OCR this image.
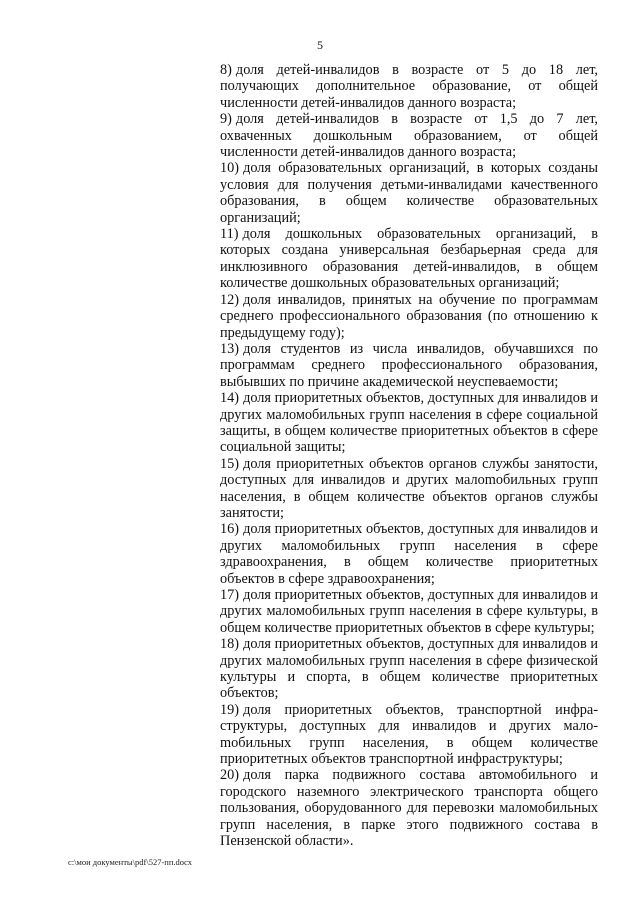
5

8) доля детей-инвалидов в возрасте от 5 до 18 лет, получающих дополнительное образование, от общей численности детей-инвалидов данного возраста;

9) доля детей-инвалидов в возрасте от 1,5 до 7 лет, охваченных дошкольным образованием, от общей численности детей-инвалидов данного возраста;

10) доля образовательных организаций, в которых созданы условия для получения детьми-инвалидами качественного образования, в общем количестве образовательных организаций;

11) доля дошкольных образовательных организаций, в которых создана универсальная безбарьерная среда для инклюзивного образования детей-инвалидов, в общем количестве дошкольных образовательных организаций;

12) доля инвалидов, принятых на обучение по программам среднего профессионального образования (по отношению к предыдущему году);

13) доля студентов из числа инвалидов, обучавшихся по программам среднего профессионального образования, выбывших по причине академической неуспеваемости;

14) доля приоритетных объектов, доступных для инвалидов и других маломобильных групп населения в сфере социальной защиты, в общем количестве приоритетных объектов в сфере социальной защиты;

15) доля приоритетных объектов органов службы занятости, доступных для инвалидов и других малоmобильных групп населения, в общем количестве объектов органов службы занятости;

16) доля приоритетных объектов, доступных для инвалидов и других маломобильных групп населения в сфере здравоохранения, в общем количестве приоритетных объектов в сфере здравоохранения;

17) доля приоритетных объектов, доступных для инвалидов и других маломобильных групп населения в сфере культуры, в общем количестве приоритетных объектов в сфере культуры;

18) доля приоритетных объектов, доступных для инвалидов и других маломобильных групп населения в сфере физической культуры и спорта, в общем количестве приоритетных объектов;

19) доля приоритетных объектов, транспортной инфраструктуры, доступных для инвалидов и других малоmобильных групп населения, в общем количестве приоритетных объектов транспортной инфраструктуры;

20) доля парка подвижного состава автомобильного и городского наземного электрического транспорта общего пользования, оборудованного для перевозки маломобильных групп населения, в парке этого подвижного состава в Пензенской области».

c:\мои документы\pdf\527-пп.docx
